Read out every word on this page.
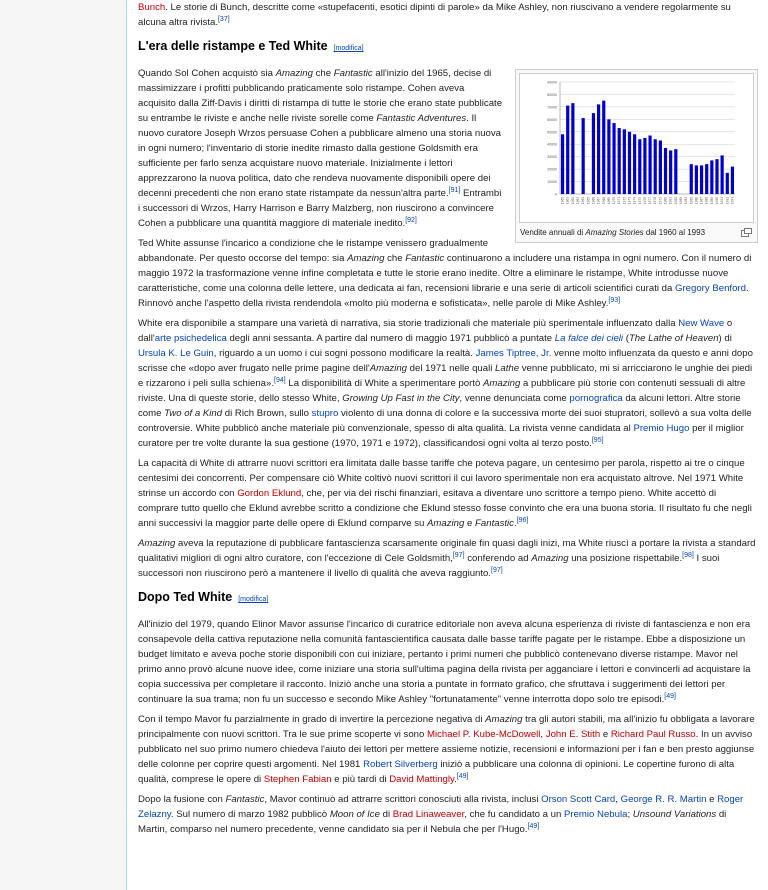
Bunch. Le storie di Bunch, descritte come «stupefacenti, esotici dipinti di parole» da Mike Ashley, non riuscivano a vendere regolarmente su alcuna altra rivista.[37]

L'era delle ristampe e Ted White [modifica]
0
10000
20000
30000
40000
50000
60000
70000
80000
90000
1960 1961 1962 1963 1964 1965 1966 1967 1968 1969 1970 1971 1972 1973 1974 1975 1976 1977 1978 1979 1980 1981 1982 1983 1984 1985 1986 1987 1988 1989 1990 1991 1992 1993
Vendite annuali di Amazing Stories dal 1960 al 1993

Quando Sol Cohen acquistò sia Amazing che Fantastic all'inizio del 1965, decise di massimizzare i profitti pubblicando praticamente solo ristampe. Cohen aveva acquisito dalla Ziff-Davis i diritti di ristampa di tutte le storie che erano state pubblicate su entrambe le riviste e anche nelle riviste sorelle come Fantastic Adventures. Il nuovo curatore Joseph Wrzos persuase Cohen a pubblicare almeno una storia nuova in ogni numero; l'inventario di storie inedite rimasto dalla gestione Goldsmith era sufficiente per farlo senza acquistare nuovo materiale. Inizialmente i lettori apprezzarono la nuova politica, dato che rendeva nuovamente disponibili opere dei decenni precedenti che non erano state ristampate da nessun'altra parte.[91] Entrambi i successori di Wrzos, Harry Harrison e Barry Malzberg, non riuscirono a convincere Cohen a pubblicare una quantità maggiore di materiale inedito.[92]

Ted White assunse l'incarico a condizione che le ristampe venissero gradualmente abbandonate. Per questo occorse del tempo: sia Amazing che Fantastic continuarono a includere una ristampa in ogni numero. Con il numero di maggio 1972 la trasformazione venne infine completata e tutte le storie erano inedite. Oltre a eliminare le ristampe, White introdusse nuove caratteristiche, come una colonna delle lettere, una dedicata ai fan, recensioni librarie e una serie di articoli scientifici curati da Gregory Benford. Rinnovò anche l'aspetto della rivista rendendola «molto più moderna e sofisticata», nelle parole di Mike Ashley.[93]

White era disponibile a stampare una varietà di narrativa, sia storie tradizionali che materiale più sperimentale influenzato dalla New Wave o dall'arte psichedelica degli anni sessanta. A partire dal numero di maggio 1971 pubblicò a puntate La falce dei cieli (The Lathe of Heaven) di Ursula K. Le Guin, riguardo a un uomo i cui sogni possono modificare la realtà. James Tiptree, Jr. venne molto influenzata da questo e anni dopo scrisse che «dopo aver frugato nelle prime pagine dell'Amazing del 1971 nelle quali Lathe venne pubblicato, mi si arricciarono le unghie dei piedi e rizzarono i peli sulla schiena».[94] La disponibilità di White a sperimentare portò Amazing a pubblicare più storie con contenuti sessuali di altre riviste. Una di queste storie, dello stesso White, Growing Up Fast in the City, venne denunciata come pornografica da alcuni lettori. Altre storie come Two of a Kind di Rich Brown, sullo stupro violento di una donna di colore e la successiva morte dei suoi stupratori, sollevò a sua volta delle controversie. White pubblicò anche materiale più convenzionale, spesso di alta qualità. La rivista venne candidata al Premio Hugo per il miglior curatore per tre volte durante la sua gestione (1970, 1971 e 1972), classificandosi ogni volta al terzo posto.[95]

La capacità di White di attrarre nuovi scrittori era limitata dalle basse tariffe che poteva pagare, un centesimo per parola, rispetto ai tre o cinque centesimi dei concorrenti. Per compensare ciò White coltivò nuovi scrittori il cui lavoro sperimentale non era acquistato altrove. Nel 1971 White strinse un accordo con Gordon Eklund, che, per via dei rischi finanziari, esitava a diventare uno scrittore a tempo pieno. White accettò di comprare tutto quello che Eklund avrebbe scritto a condizione che Eklund stesso fosse convinto che era una buona storia. Il risultato fu che negli anni successivi la maggior parte delle opere di Eklund comparve su Amazing e Fantastic.[96]

Amazing aveva la reputazione di pubblicare fantascienza scarsamente originale fin quasi dagli inizi, ma White riuscì a portare la rivista a standard qualitativi migliori di ogni altro curatore, con l'eccezione di Cele Goldsmith,[97] conferendo ad Amazing una posizione rispettabile.[98] I suoi successori non riuscirono però a mantenere il livello di qualità che aveva raggiunto.[97]

Dopo Ted White [modifica]

All'inizio del 1979, quando Elinor Mavor assunse l'incarico di curatrice editoriale non aveva alcuna esperienza di riviste di fantascienza e non era consapevole della cattiva reputazione nella comunità fantascientifica causata dalle basse tariffe pagate per le ristampe. Ebbe a disposizione un budget limitato e aveva poche storie disponibili con cui iniziare, pertanto i primi numeri che pubblicò contenevano diverse ristampe. Mavor nel primo anno provò alcune nuove idee, come iniziare una storia sull'ultima pagina della rivista per agganciare i lettori e convincerli ad acquistare la copia successiva per completare il racconto. Iniziò anche una storia a puntate in formato grafico, che sfruttava i suggerimenti dei lettori per continuare la sua trama; non fu un successo e secondo Mike Ashley "fortunatamente" venne interrotta dopo solo tre episodi.[49]

Con il tempo Mavor fu parzialmente in grado di invertire la percezione negativa di Amazing tra gli autori stabili, ma all'inizio fu obbligata a lavorare principalmente con nuovi scrittori. Tra le sue prime scoperte vi sono Michael P. Kube-McDowell, John E. Stith e Richard Paul Russo. In un avviso pubblicato nel suo primo numero chiedeva l'aiuto dei lettori per mettere assieme notizie, recensioni e informazioni per i fan e ben presto aggiunse delle colonne per coprire questi argomenti. Nel 1981 Robert Silverberg iniziò a pubblicare una colonna di opinioni. Le copertine furono di alta qualità, comprese le opere di Stephen Fabian e più tardi di David Mattingly.[49]

Dopo la fusione con Fantastic, Mavor continuò ad attrarre scrittori conosciuti alla rivista, inclusi Orson Scott Card, George R. R. Martin e Roger Zelazny. Sul numero di marzo 1982 pubblicò Moon of Ice di Brad Linaweaver, che fu candidato a un Premio Nebula; Unsound Variations di Martin, comparso nel numero precedente, venne candidato sia per il Nebula che per l'Hugo.[49]
